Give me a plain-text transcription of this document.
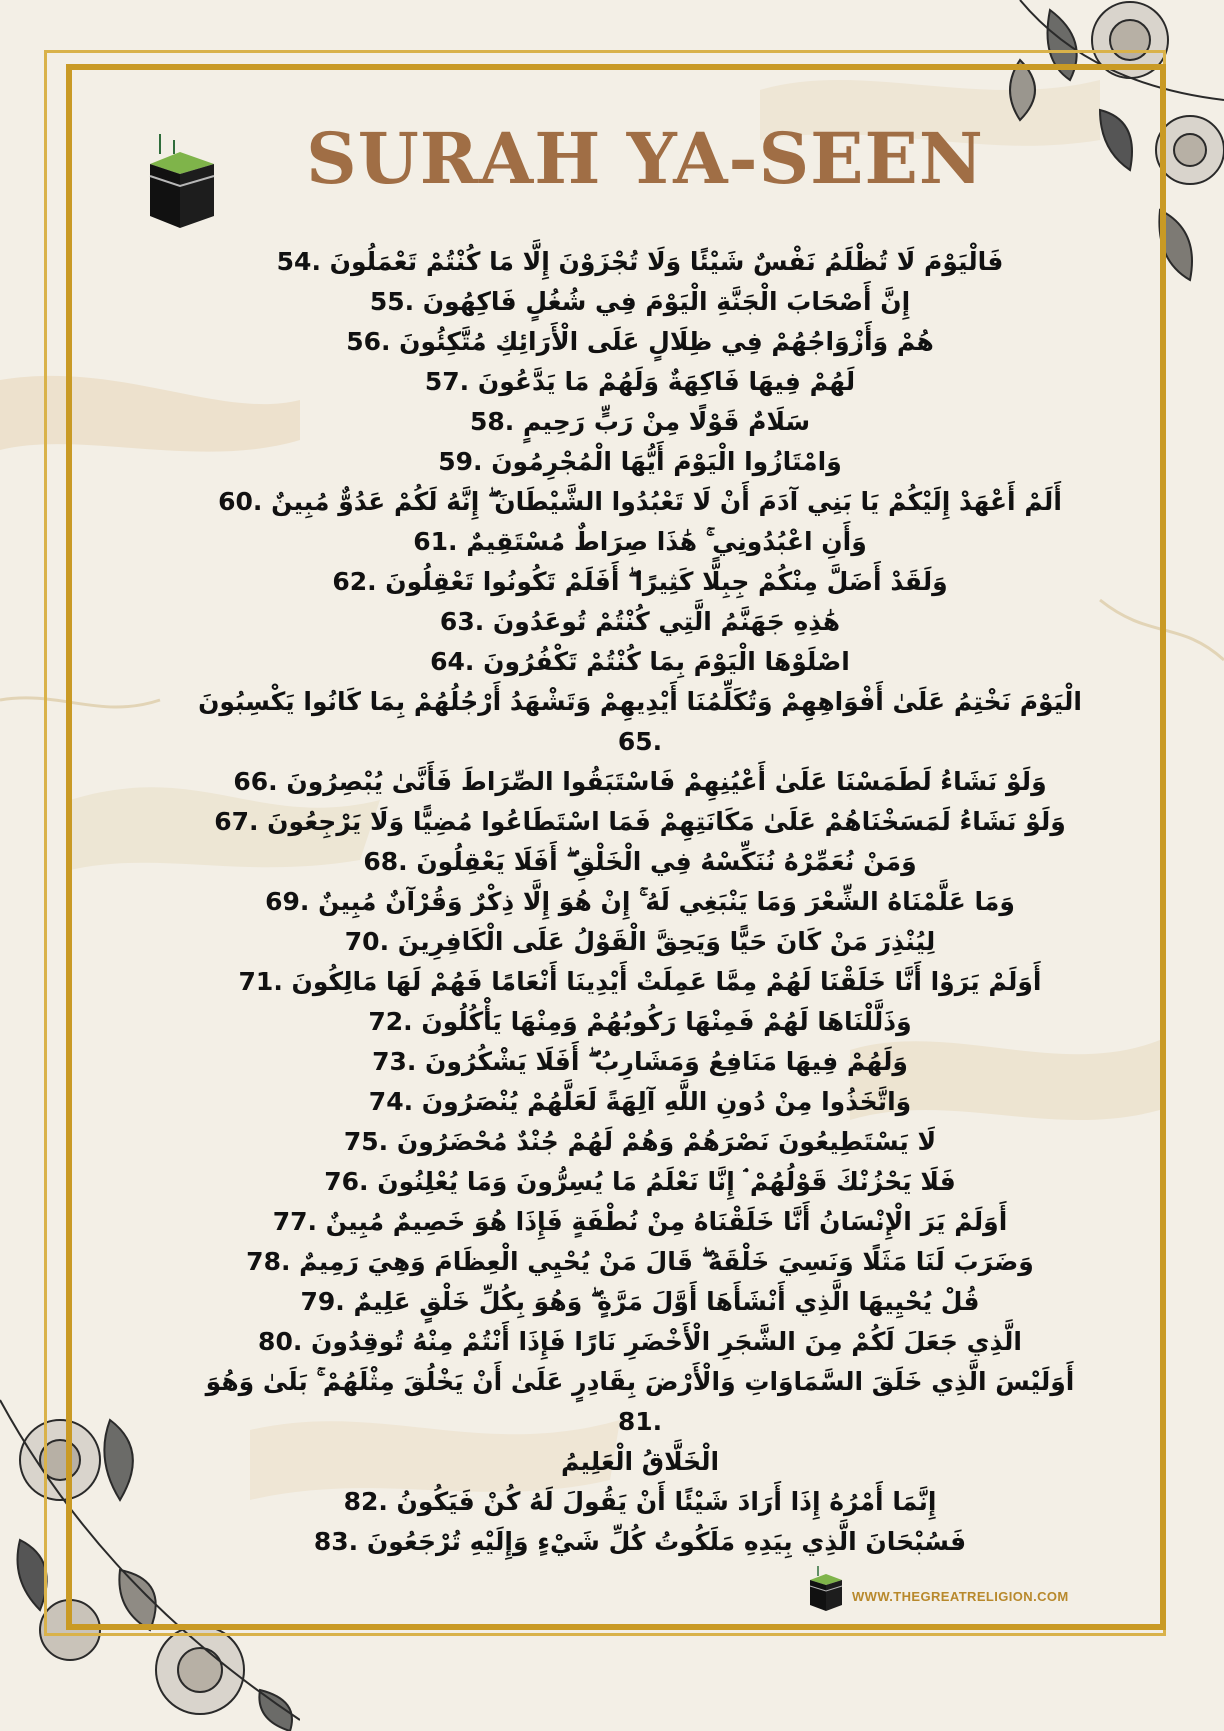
SURAH YA-SEEN
فَالْيَوْمَ لَا تُظْلَمُ نَفْسٌ شَيْئًا وَلَا تُجْزَوْنَ إِلَّا مَا كُنْتُمْ تَعْمَلُونَ .54
إِنَّ أَصْحَابَ الْجَنَّةِ الْيَوْمَ فِي شُغُلٍ فَاكِهُونَ .55
هُمْ وَأَزْوَاجُهُمْ فِي ظِلَالٍ عَلَى الْأَرَائِكِ مُتَّكِئُونَ .56
لَهُمْ فِيهَا فَاكِهَةٌ وَلَهُمْ مَا يَدَّعُونَ .57
سَلَامٌ قَوْلًا مِنْ رَبٍّ رَحِيمٍ .58
وَامْتَازُوا الْيَوْمَ أَيُّهَا الْمُجْرِمُونَ .59
أَلَمْ أَعْهَدْ إِلَيْكُمْ يَا بَنِي آدَمَ أَنْ لَا تَعْبُدُوا الشَّيْطَانَ ۖ إِنَّهُ لَكُمْ عَدُوٌّ مُبِينٌ .60
وَأَنِ اعْبُدُونِي ۚ هَٰذَا صِرَاطٌ مُسْتَقِيمٌ .61
وَلَقَدْ أَضَلَّ مِنْكُمْ جِبِلًّا كَثِيرًا ۖ أَفَلَمْ تَكُونُوا تَعْقِلُونَ .62
هَٰذِهِ جَهَنَّمُ الَّتِي كُنْتُمْ تُوعَدُونَ .63
اصْلَوْهَا الْيَوْمَ بِمَا كُنْتُمْ تَكْفُرُونَ .64
الْيَوْمَ نَخْتِمُ عَلَىٰ أَفْوَاهِهِمْ وَتُكَلِّمُنَا أَيْدِيهِمْ وَتَشْهَدُ أَرْجُلُهُمْ بِمَا كَانُوا يَكْسِبُونَ .65
وَلَوْ نَشَاءُ لَطَمَسْنَا عَلَىٰ أَعْيُنِهِمْ فَاسْتَبَقُوا الصِّرَاطَ فَأَنَّىٰ يُبْصِرُونَ .66
وَلَوْ نَشَاءُ لَمَسَخْنَاهُمْ عَلَىٰ مَكَانَتِهِمْ فَمَا اسْتَطَاعُوا مُضِيًّا وَلَا يَرْجِعُونَ .67
وَمَنْ نُعَمِّرْهُ نُنَكِّسْهُ فِي الْخَلْقِ ۖ أَفَلَا يَعْقِلُونَ .68
وَمَا عَلَّمْنَاهُ الشِّعْرَ وَمَا يَنْبَغِي لَهُ ۚ إِنْ هُوَ إِلَّا ذِكْرٌ وَقُرْآنٌ مُبِينٌ .69
لِيُنْذِرَ مَنْ كَانَ حَيًّا وَيَحِقَّ الْقَوْلُ عَلَى الْكَافِرِينَ .70
أَوَلَمْ يَرَوْا أَنَّا خَلَقْنَا لَهُمْ مِمَّا عَمِلَتْ أَيْدِينَا أَنْعَامًا فَهُمْ لَهَا مَالِكُونَ .71
وَذَلَّلْنَاهَا لَهُمْ فَمِنْهَا رَكُوبُهُمْ وَمِنْهَا يَأْكُلُونَ .72
وَلَهُمْ فِيهَا مَنَافِعُ وَمَشَارِبُ ۖ أَفَلَا يَشْكُرُونَ .73
وَاتَّخَذُوا مِنْ دُونِ اللَّهِ آلِهَةً لَعَلَّهُمْ يُنْصَرُونَ .74
لَا يَسْتَطِيعُونَ نَصْرَهُمْ وَهُمْ لَهُمْ جُنْدٌ مُحْضَرُونَ .75
فَلَا يَحْزُنْكَ قَوْلُهُمْ ۘ إِنَّا نَعْلَمُ مَا يُسِرُّونَ وَمَا يُعْلِنُونَ .76
أَوَلَمْ يَرَ الْإِنْسَانُ أَنَّا خَلَقْنَاهُ مِنْ نُطْفَةٍ فَإِذَا هُوَ خَصِيمٌ مُبِينٌ .77
وَضَرَبَ لَنَا مَثَلًا وَنَسِيَ خَلْقَهُ ۖ قَالَ مَنْ يُحْيِي الْعِظَامَ وَهِيَ رَمِيمٌ .78
قُلْ يُحْيِيهَا الَّذِي أَنْشَأَهَا أَوَّلَ مَرَّةٍ ۖ وَهُوَ بِكُلِّ خَلْقٍ عَلِيمٌ .79
الَّذِي جَعَلَ لَكُمْ مِنَ الشَّجَرِ الْأَخْضَرِ نَارًا فَإِذَا أَنْتُمْ مِنْهُ تُوقِدُونَ .80
أَوَلَيْسَ الَّذِي خَلَقَ السَّمَاوَاتِ وَالْأَرْضَ بِقَادِرٍ عَلَىٰ أَنْ يَخْلُقَ مِثْلَهُمْ ۚ بَلَىٰ وَهُوَ .81
الْخَلَّاقُ الْعَلِيمُ
إِنَّمَا أَمْرُهُ إِذَا أَرَادَ شَيْئًا أَنْ يَقُولَ لَهُ كُنْ فَيَكُونُ .82
فَسُبْحَانَ الَّذِي بِيَدِهِ مَلَكُوتُ كُلِّ شَيْءٍ وَإِلَيْهِ تُرْجَعُونَ .83
WWW.THEGREATRELIGION.COM
